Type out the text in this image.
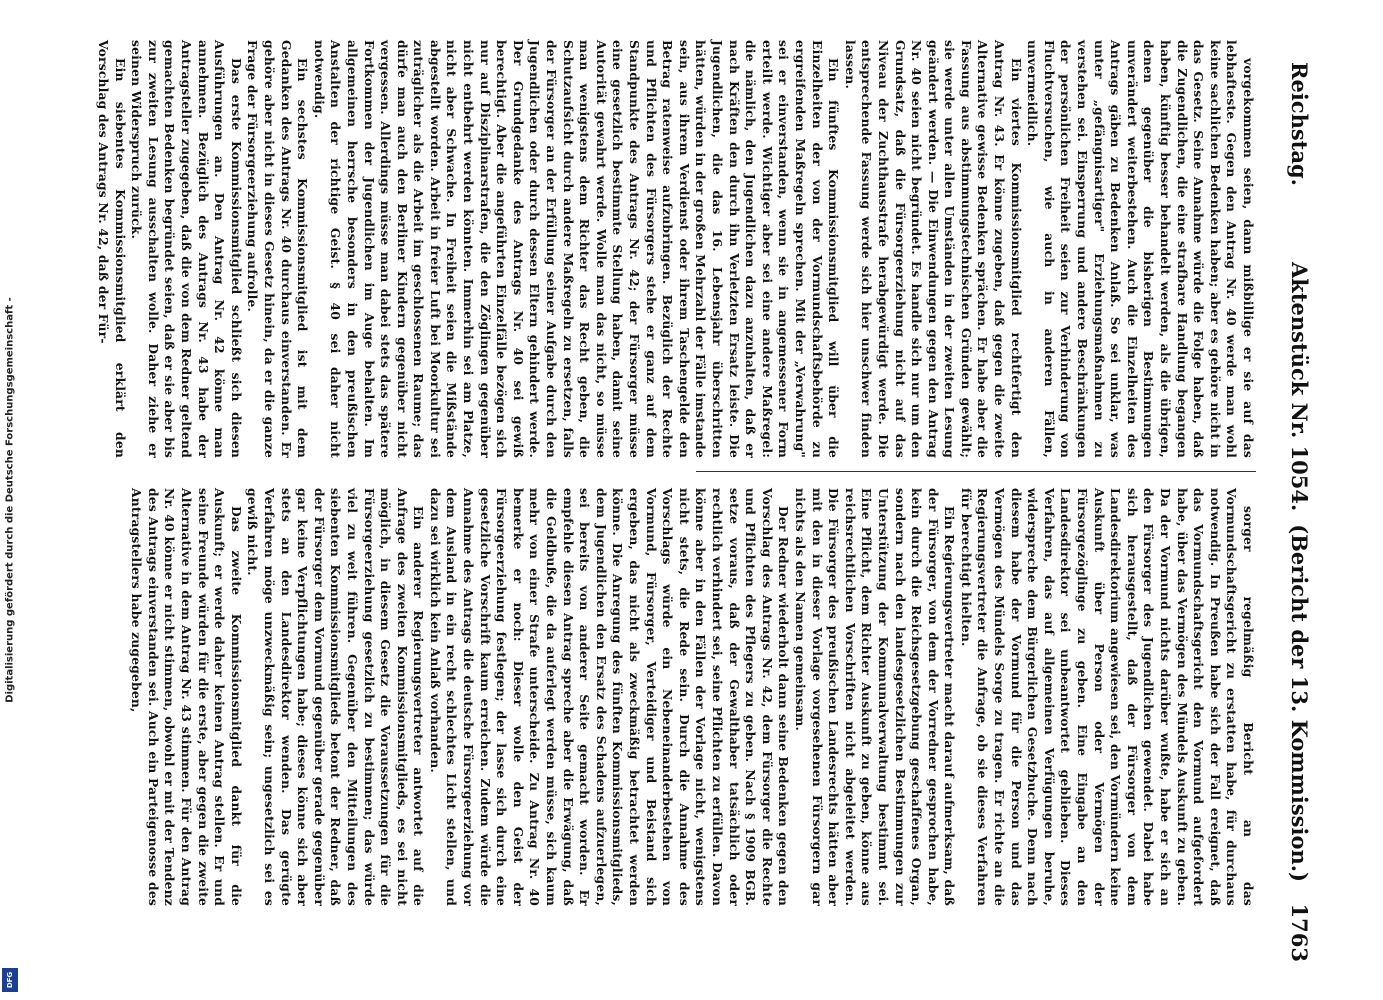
Digitalisierung gefördert durch die Deutsche Forschungsgemeinschaft -
DFG
Reichstag.
Aktenstück Nr. 1054.
(Bericht der 13. Kommission.)
1763

vorgekommen seien, dann mißbillige er sie auf das lebhafteste. Gegen den Antrag Nr. 40 werde man wohl keine sachlichen Bedenken haben; aber es gehöre nicht in das Gesetz. Seine Annahme würde die Folge haben, daß die Zugendlichen, die eine strafbare Handlung begangen haben, künftig besser behandelt werden, als die übrigen, denen gegenüber die bisherigen Bestimmungen unverändert weiterbestehen. Auch die Einzelheiten des Antrags gäben zu Bedenken Anlaß. So sei unklar, was unter „gefängnisartiger" Erziehungsmaßnahmen zu verstehen sei. Einsperrung und andere Beschränkungen der persönlichen Freiheit seien zur Verhinderung von Fluchtversuchen, wie auch in anderen Fällen, unvermeidlich.

Ein viertes Kommissionsmitglied rechtfertigt den Antrag Nr. 43. Er könne zugeben, daß gegen die zweite Alternative gewisse Bedenken sprächen. Er habe aber die Fassung aus abstimmungstechnischen Gründen gewählt; sie werde unter allen Umständen in der zweiten Lesung geändert werden. — Die Einwendungen gegen den Antrag Nr. 40 seien nicht begründet. Es handle sich nur um den Grundsatz, daß die Fürsorgeerziehung nicht auf das Niveau der Zuchthausstrafe herabgewürdigt werde. Die entsprechende Fassung werde sich hier unschwer finden lassen.

Ein fünftes Kommissionsmitglied will über die Einzelheiten der von der Vormundschaftsbehörde zu ergreifenden Maßregeln sprechen. Mit der „Verwahrung" sei er einverstanden, wenn sie in angemessener Form erteilt werde. Wichtiger aber sei eine andere Maßregel: die nämlich, den Jugendlichen dazu anzuhalten, daß er nach Kräften den durch ihn Verletzten Ersatz leiste. Die Jugendlichen, die das 16. Lebensjahr überschritten hätten, würden in der großen Mehrzahl der Fälle imstande sein, aus ihrem Verdienst oder ihrem Taschengelde den Betrag ratenweise aufzubringen. Bezüglich der Rechte und Pflichten des Fürsorgers stehe er ganz auf dem Standpunkte des Antrags Nr. 42; der Fürsorger müsse eine gesetzlich bestimmte Stellung haben, damit seine Autorität gewahrt werde. Wolle man das nicht, so müsse man wenigstens dem Richter das Recht geben, die Schutzaufsicht durch andere Maßregeln zu ersetzen, falls der Fürsorger an der Erfüllung seiner Aufgabe durch den Jugendlichen oder durch dessen Eltern gehindert werde. Der Grundgedanke des Antrags Nr. 40 sei gewiß berechtigt. Aber die angeführten Einzelfälle bezögen sich nur auf Disziplinarstrafen, die den Zöglingen gegenüber nicht entbehrt werden könnten. Immerhin sei am Platze, nicht aber Schwache. In Freiheit seien die Mißstände abgestellt worden. Arbeit in freier Luft bei Moorkultur sei zuträglicher als die Arbeit im geschlossenen Raume; das dürfe man auch den Berliner Kindern gegenüber nicht vergessen. Allerdings müsse man dabei stets das spätere Fortkommen der Jugendlichen im Auge behalten. Im allgemeinen herrsche besonders in den preußischen Anstalten der richtige Geist. § 40 sei daher nicht notwendig.

Ein sechstes Kommissionsmitglied ist mit dem Gedanken des Antrags Nr. 40 durchaus einverstanden. Er gehöre aber nicht in dieses Gesetz hinein, da er die ganze Frage der Fürsorgeerziehung aufrolle.

Das erste Kommissionsmitglied schließt sich diesen Ausführungen an. Den Antrag Nr. 42 könne man annehmen. Bezüglich des Antrags Nr. 43 habe der Antragsteller zugegeben, daß die von dem Redner geltend gemachten Bedenken begründet seien, daß er sie aber bis zur zweiten Lesung ausschalten wolle. Daher ziehe er seinen Widerspruch zurück.

Ein siebentes Kommissionsmitglied erklärt den Vorschlag des Antrags Nr. 42, daß der Für-

sorger regelmäßig Bericht an das Vormundschaftsgericht zu erstatten habe, für durchaus notwendig. In Preußen habe sich der Fall ereignet, daß das Vormundschaftsgericht den Vormund aufgefordert habe, über das Vermögen des Mündels Auskunft zu geben. Da der Vormund nichts darüber wußte, habe er sich an den Fürsorger des Jugendlichen gewendet. Dabei habe sich herausgestellt, daß der Fürsorger von dem Landesdirektorium angewiesen sei, den Vormündern keine Auskunft über Person oder Vermögen der Fürsorgezöglinge zu geben. Eine Eingabe an den Landesdirektor sei unbeantwortet geblieben. Dieses Verfahren, das auf allgemeinen Verfügungen beruhe, widerspreche dem Bürgerlichen Gesetzbuche. Denn nach diesem habe der Vormund für die Person und das Vermögen des Mündels Sorge zu tragen. Er richte an die Regierungsvertreter die Anfrage, ob sie dieses Verfahren für berechtigt hielten.

Ein Regierungsvertreter macht darauf aufmerksam, daß der Fürsorger, von dem der Vorredner gesprochen habe, kein durch die Reichsgesetzgebung geschaffenes Organ, sondern nach den landesgesetzlichen Bestimmungen zur Unterstützung der Kommunalverwaltung bestimmt sei. Eine Pflicht, dem Richter Auskunft zu geben, könne aus reichsrechtlichen Vorschriften nicht abgeleitet werden. Die Fürsorger des preußischen Landesrechts hätten aber mit den in dieser Vorlage vorgesehenen Fürsorgern gar nichts als den Namen gemeinsam.

Der Redner wiederholt dann seine Bedenken gegen den Vorschlag des Antrags Nr. 42, dem Fürsorger die Rechte und Pflichten des Pflegers zu geben. Nach § 1909 BGB. setze voraus, daß der Gewalthaber tatsächlich oder rechtlich verhindert sei, seine Pflichten zu erfüllen. Davon könne aber in den Fällen der Vorlage nicht, wenigstens nicht stets, die Rede sein. Durch die Annahme des Vorschlags würde ein Nebeneinanderbestehen von Vormund, Fürsorger, Verteidiger und Beistand sich ergeben, das nicht als zweckmäßig betrachtet werden könne. Die Anregung des fünften Kommissionsmitglieds, dem Jugendlichen den Ersatz des Schadens aufzuerlegen, sei bereits von anderer Seite gemacht worden. Er empfehle diesen Antrag spreche aber die Erwägung, daß die Geldbuße, die da auferlegt werden müsse, sich kaum mehr von einer Strafe unterscheide. Zu Antrag Nr. 40 bemerke er noch: Dieser wolle den Geist der Fürsorgeerziehung festlegen; der lasse sich durch eine gesetzliche Vorschrift kaum erreichen. Zudem würde die Annahme des Antrags die deutsche Fürsorgeerziehung vor dem Ausland in ein recht schlechtes Licht stellen, und dazu sei wirklich kein Anlaß vorhanden.

Ein anderer Regierungsvertreter antwortet auf die Anfrage des zweiten Kommissionsmitglieds, es sei nicht möglich, in diesem Gesetz die Voraussetzungen für die Fürsorgeerziehung gesetzlich zu bestimmen; das würde viel zu weit führen. Gegenüber den Mitteilungen des siebenten Kommissionsmitglieds betont der Redner, daß der Fürsorger dem Vormund gegenüber gerade gegenüber gar keine Verpflichtungen habe; dieses könne sich aber stets an den Landesdirektor wenden. Das gerügte Verfahren möge unzweckmäßig sein; ungesetzlich sei es gewiß nicht.

Das zweite Kommissionsmitglied dankt für die Auskunft; er werde daher keinen Antrag stellen. Er und seine Freunde würden für die erste, aber gegen die zweite Alternative in dem Antrag Nr. 43 stimmen. Für den Antrag Nr. 40 könne er nicht stimmen, obwohl er mit der Tendenz des Antrags einverstanden sei. Auch ein Parteigenosse des Antragstellers habe zugegeben,
